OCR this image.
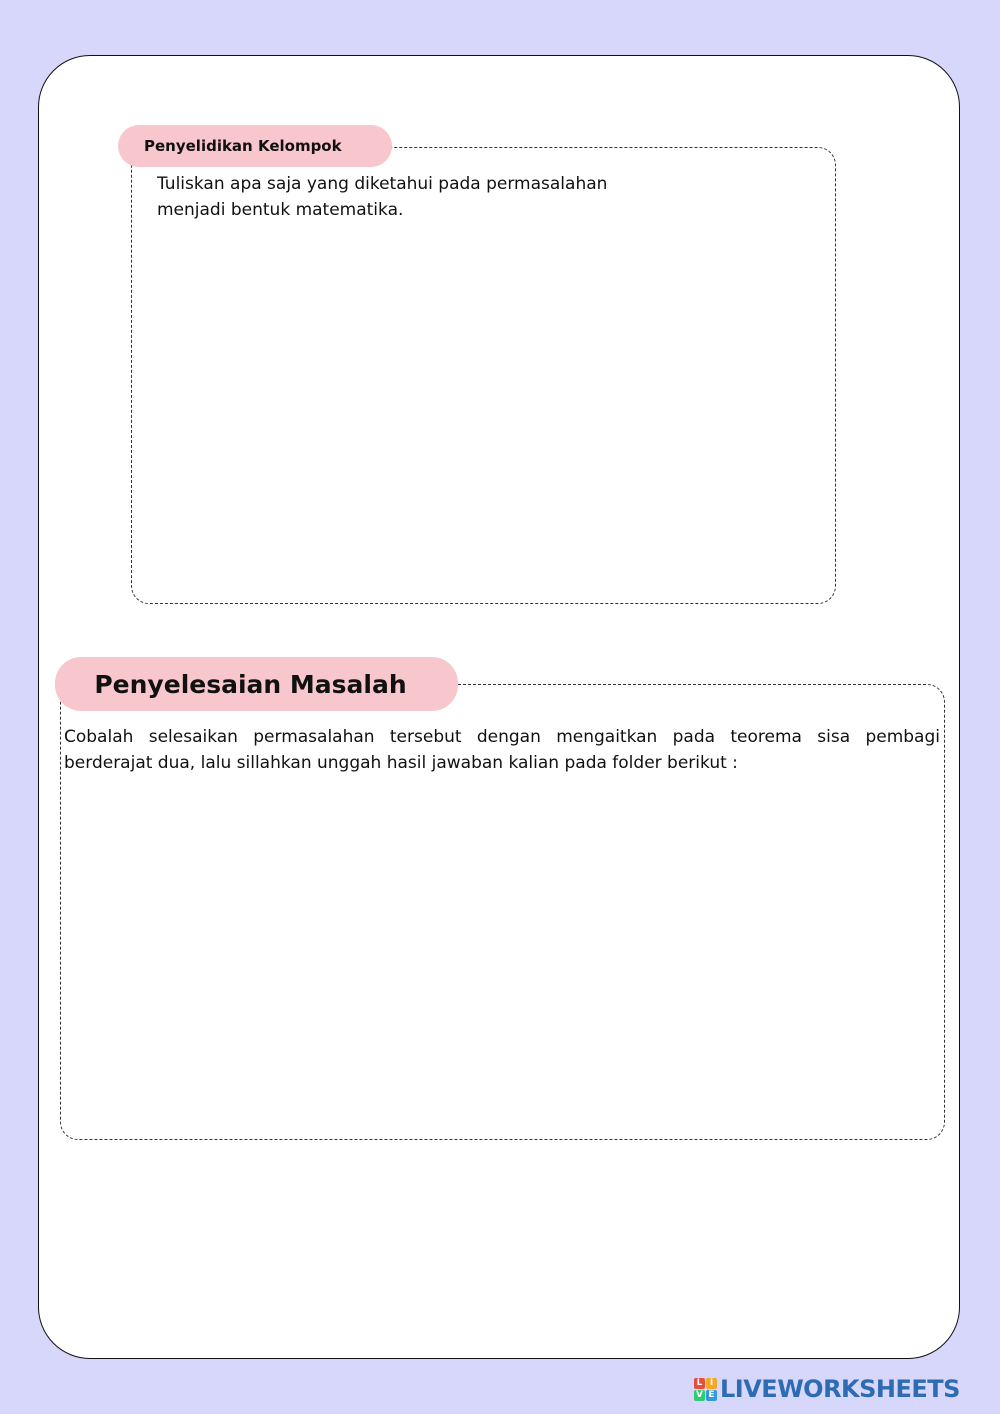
Penyelidikan Kelompok
Tuliskan apa saja yang diketahui pada permasalahan menjadi bentuk matematika.
Penyelesaian Masalah
Cobalah selesaikan permasalahan tersebut dengan mengaitkan pada teorema sisa pembagi berderajat dua, lalu sillahkan unggah hasil jawaban kalian pada folder berikut :
L I
V E LIVEWORKSHEETS
